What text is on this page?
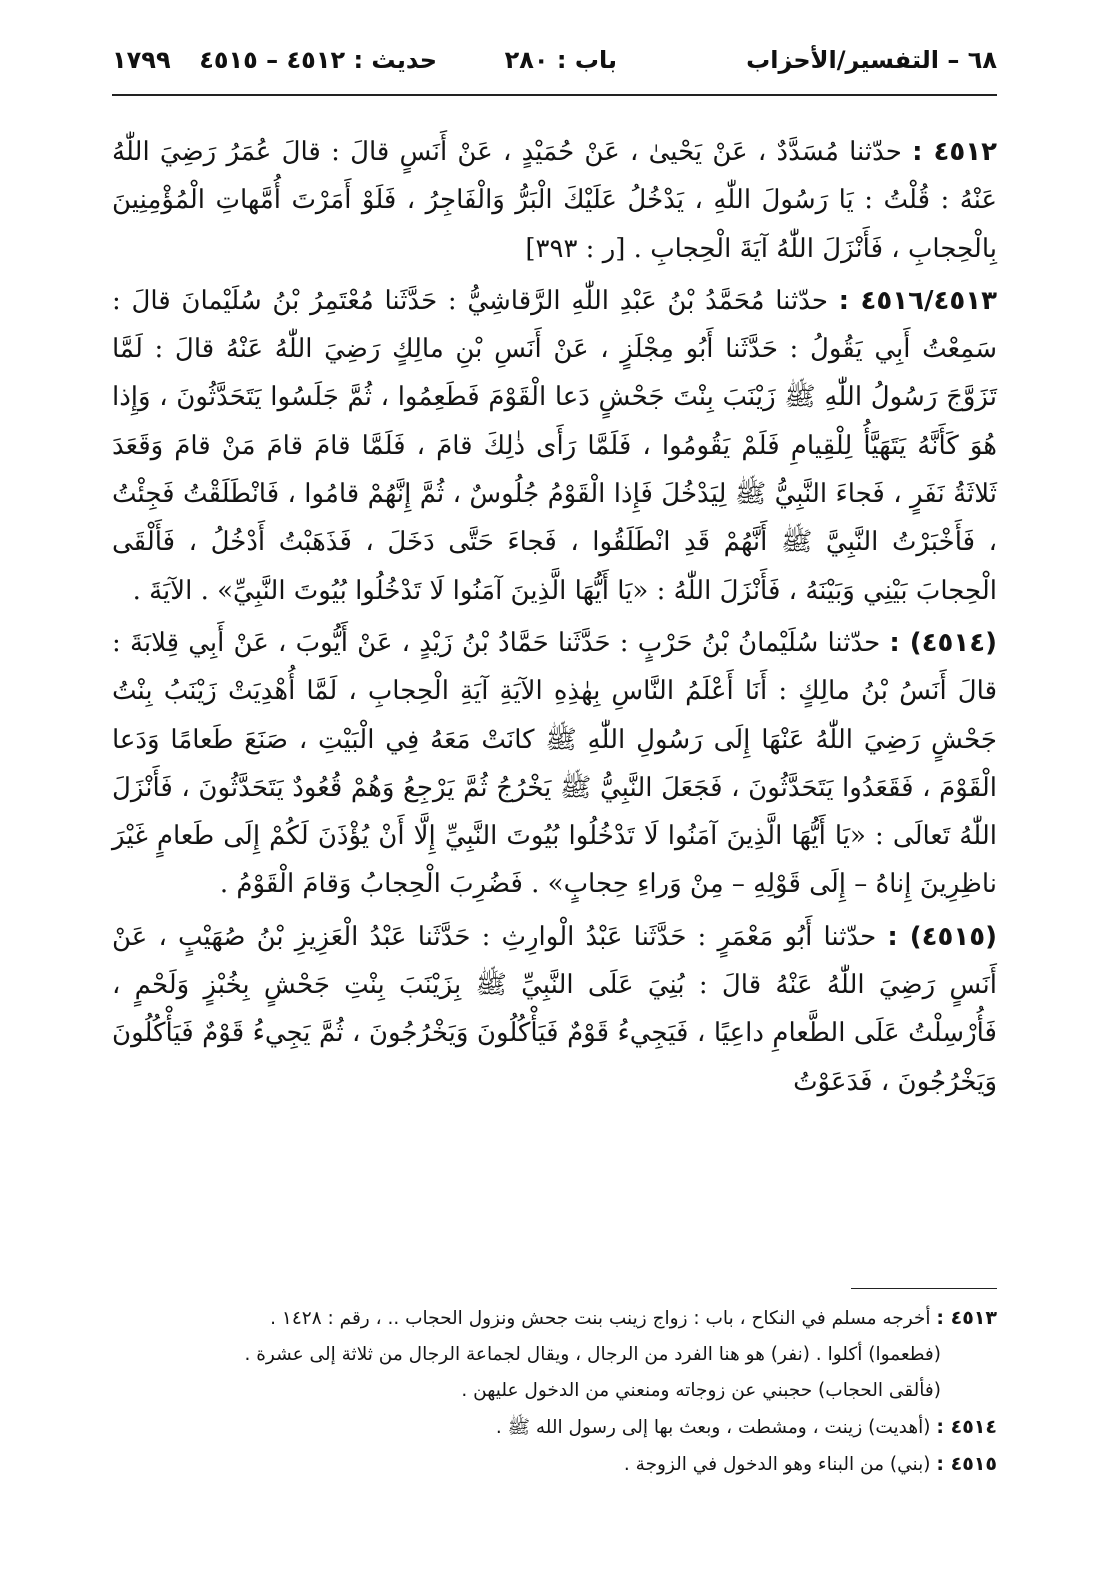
٦٨ – التفسير/الأحزاب
باب : ٢٨٠
حديث : ٤٥١٢ – ٤٥١٥
١٧٩٩

٤٥١٢ : حدّثنا مُسَدَّدٌ ، عَنْ يَحْيىٰ ، عَنْ حُمَيْدٍ ، عَنْ أَنَسٍ قالَ : قالَ عُمَرُ رَضِيَ اللّٰهُ عَنْهُ : قُلْتُ : يَا رَسُولَ اللّٰهِ ، يَدْخُلُ عَلَيْكَ الْبَرُّ وَالْفَاجِرُ ، فَلَوْ أَمَرْتَ أُمَّهاتِ الْمُؤْمِنِينَ بِالْحِجابِ ، فَأَنْزَلَ اللّٰهُ آيَةَ الْحِجابِ . [ر : ٣٩٣]

٤٥١٦/٤٥١٣ : حدّثنا مُحَمَّدُ بْنُ عَبْدِ اللّٰهِ الرَّقاشِيُّ : حَدَّثَنا مُعْتَمِرُ بْنُ سُلَيْمانَ قالَ : سَمِعْتُ أَبِي يَقُولُ : حَدَّثَنا أَبُو مِجْلَزٍ ، عَنْ أَنَسِ بْنِ مالِكٍ رَضِيَ اللّٰهُ عَنْهُ قالَ : لَمَّا تَزَوَّجَ رَسُولُ اللّٰهِ ﷺ زَيْنَبَ بِنْتَ جَحْشٍ دَعا الْقَوْمَ فَطَعِمُوا ، ثُمَّ جَلَسُوا يَتَحَدَّثُونَ ، وَإِذا هُوَ كَأَنَّهُ يَتَهَيَّأُ لِلْقِيامِ فَلَمْ يَقُومُوا ، فَلَمَّا رَأَى ذٰلِكَ قامَ ، فَلَمَّا قامَ قامَ مَنْ قامَ وَقَعَدَ ثَلاثَةُ نَفَرٍ ، فَجاءَ النَّبِيُّ ﷺ لِيَدْخُلَ فَإِذا الْقَوْمُ جُلُوسٌ ، ثُمَّ إِنَّهُمْ قامُوا ، فَانْطَلَقْتُ فَجِئْتُ ، فَأَخْبَرْتُ النَّبِيَّ ﷺ أَنَّهُمْ قَدِ انْطَلَقُوا ، فَجاءَ حَتَّى دَخَلَ ، فَذَهَبْتُ أَدْخُلُ ، فَأَلْقَى الْحِجابَ بَيْنِي وَبَيْنَهُ ، فَأَنْزَلَ اللّٰهُ : «يَا أَيُّهَا الَّذِينَ آمَنُوا لَا تَدْخُلُوا بُيُوتَ النَّبِيِّ» . الآيَةَ .

(٤٥١٤) : حدّثنا سُلَيْمانُ بْنُ حَرْبٍ : حَدَّثَنا حَمَّادُ بْنُ زَيْدٍ ، عَنْ أَيُّوبَ ، عَنْ أَبِي قِلابَةَ : قالَ أَنَسُ بْنُ مالِكٍ : أَنَا أَعْلَمُ النَّاسِ بِهٰذِهِ الآيَةِ آيَةِ الْحِجابِ ، لَمَّا أُهْدِيَتْ زَيْنَبُ بِنْتُ جَحْشٍ رَضِيَ اللّٰهُ عَنْهَا إِلَى رَسُولِ اللّٰهِ ﷺ كانَتْ مَعَهُ فِي الْبَيْتِ ، صَنَعَ طَعامًا وَدَعا الْقَوْمَ ، فَقَعَدُوا يَتَحَدَّثُونَ ، فَجَعَلَ النَّبِيُّ ﷺ يَخْرُجُ ثُمَّ يَرْجِعُ وَهُمْ قُعُودٌ يَتَحَدَّثُونَ ، فَأَنْزَلَ اللّٰهُ تَعالَى : «يَا أَيُّهَا الَّذِينَ آمَنُوا لَا تَدْخُلُوا بُيُوتَ النَّبِيِّ إِلَّا أَنْ يُؤْذَنَ لَكُمْ إِلَى طَعامٍ غَيْرَ ناظِرِينَ إِناهُ – إِلَى قَوْلِهِ – مِنْ وَراءِ حِجابٍ» . فَضُرِبَ الْحِجابُ وَقامَ الْقَوْمُ .

(٤٥١٥) : حدّثنا أَبُو مَعْمَرٍ : حَدَّثَنا عَبْدُ الْوارِثِ : حَدَّثَنا عَبْدُ الْعَزِيزِ بْنُ صُهَيْبٍ ، عَنْ أَنَسٍ رَضِيَ اللّٰهُ عَنْهُ قالَ : بُنِيَ عَلَى النَّبِيِّ ﷺ بِزَيْنَبَ بِنْتِ جَحْشٍ بِخُبْزٍ وَلَحْمٍ ، فَأُرْسِلْتُ عَلَى الطَّعامِ داعِيًا ، فَيَجِيءُ قَوْمٌ فَيَأْكُلُونَ وَيَخْرُجُونَ ، ثُمَّ يَجِيءُ قَوْمٌ فَيَأْكُلُونَ وَيَخْرُجُونَ ، فَدَعَوْتُ

٤٥١٣ : أخرجه مسلم في النكاح ، باب : زواج زينب بنت جحش ونزول الحجاب .. ، رقم : ١٤٢٨ .

(فطعموا) أكلوا . (نفر) هو هنا الفرد من الرجال ، ويقال لجماعة الرجال من ثلاثة إلى عشرة .

(فألقى الحجاب) حجبني عن زوجاته ومنعني من الدخول عليهن .

٤٥١٤ : (أهديت) زينت ، ومشطت ، وبعث بها إلى رسول الله ﷺ .

٤٥١٥ : (بني) من البناء وهو الدخول في الزوجة .
